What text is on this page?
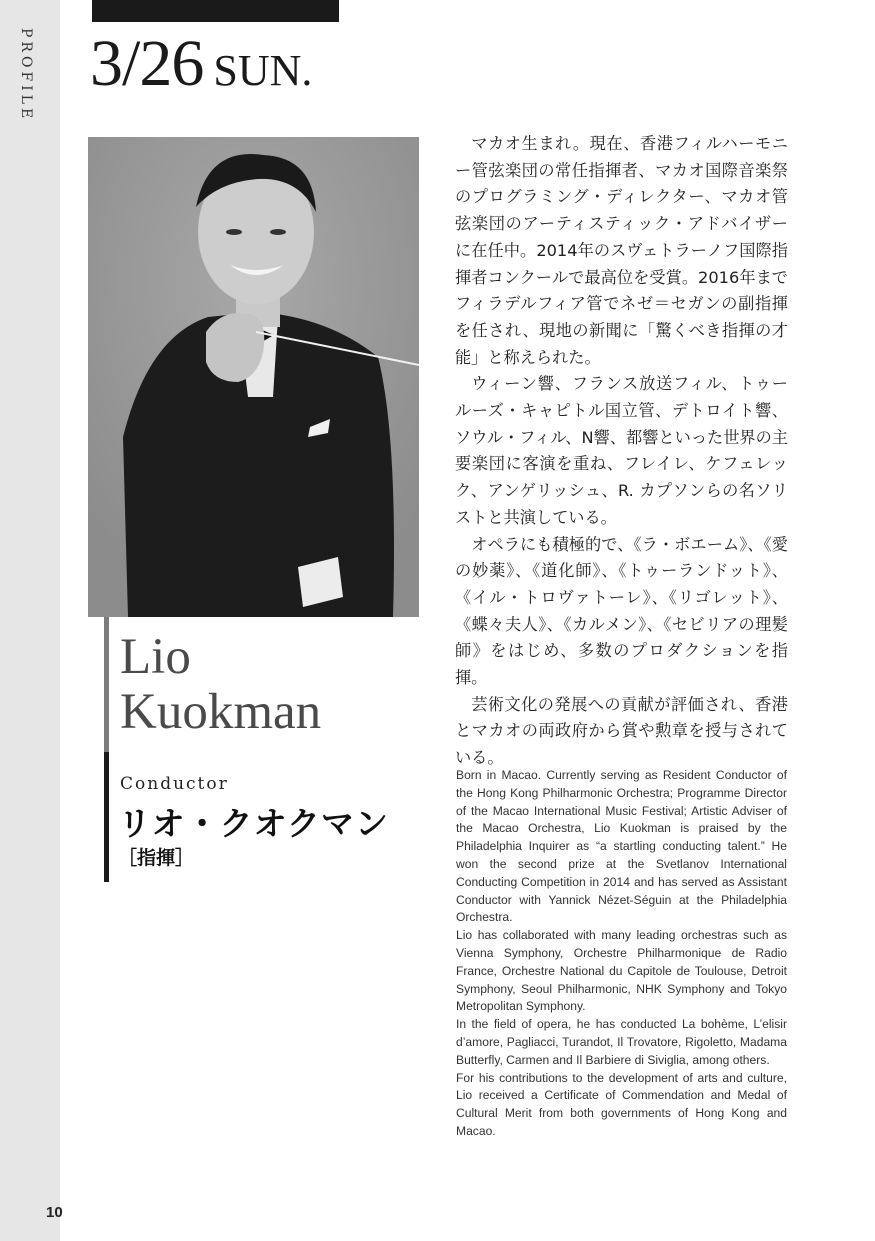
PROFILE
10
3/26 SUN.
Lio
Kuokman
Conductor
リオ・クオクマン
［指揮］

マカオ生まれ。現在、香港フィルハーモニー管弦楽団の常任指揮者、マカオ国際音楽祭のプログラミング・ディレクター、マカオ管弦楽団のアーティスティック・アドバイザーに在任中。2014年のスヴェトラーノフ国際指揮者コンクールで最高位を受賞。2016年までフィラデルフィア管でネゼ＝セガンの副指揮を任され、現地の新聞に「驚くべき指揮の才能」と称えられた。

ウィーン響、フランス放送フィル、トゥールーズ・キャピトル国立管、デトロイト響、ソウル・フィル、N響、都響といった世界の主要楽団に客演を重ね、フレイレ、ケフェレック、アンゲリッシュ、R. カプソンらの名ソリストと共演している。

オペラにも積極的で、《ラ・ボエーム》、《愛の妙薬》、《道化師》、《トゥーランドット》、《イル・トロヴァトーレ》、《リゴレット》、《蝶々夫人》、《カルメン》、《セビリアの理髪師》をはじめ、多数のプロダクションを指揮。

芸術文化の発展への貢献が評価され、香港とマカオの両政府から賞や勲章を授与されている。

Born in Macao. Currently serving as Resident Conductor of the Hong Kong Philharmonic Orchestra; Programme Director of the Macao International Music Festival; Artistic Adviser of the Macao Orchestra, Lio Kuokman is praised by the Philadelphia Inquirer as “a startling conducting talent.” He won the second prize at the Svetlanov International Conducting Competition in 2014 and has served as Assistant Conductor with Yannick Nézet-Séguin at the Philadelphia Orchestra.

Lio has collaborated with many leading orchestras such as Vienna Symphony, Orchestre Philharmonique de Radio France, Orchestre National du Capitole de Toulouse, Detroit Symphony, Seoul Philharmonic, NHK Symphony and Tokyo Metropolitan Symphony.

In the field of opera, he has conducted La bohème, L’elisir d’amore, Pagliacci, Turandot, Il Trovatore, Rigoletto, Madama Butterfly, Carmen and Il Barbiere di Siviglia, among others.

For his contributions to the development of arts and culture, Lio received a Certificate of Commendation and Medal of Cultural Merit from both governments of Hong Kong and Macao.
